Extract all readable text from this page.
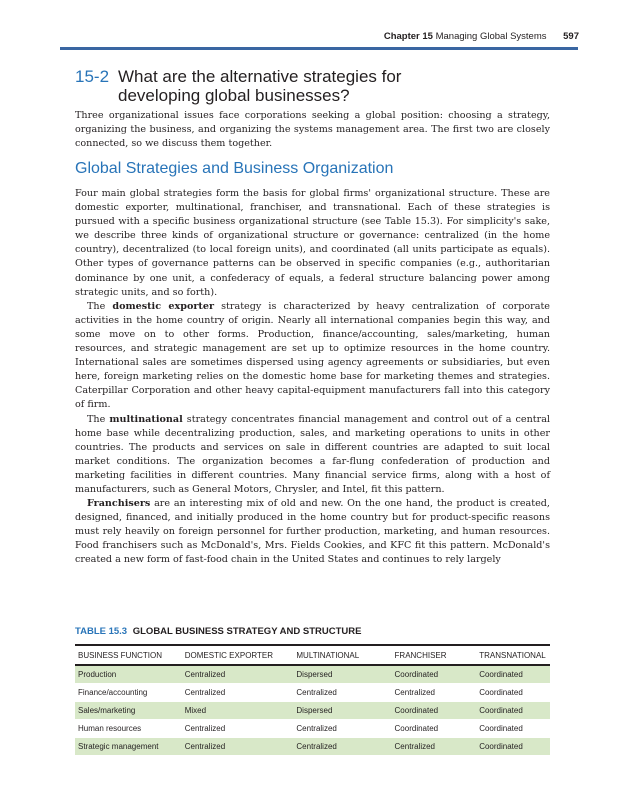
Chapter 15 Managing Global Systems 597
15-2 What are the alternative strategies for developing global businesses?

Three organizational issues face corporations seeking a global position: choosing a strategy, organizing the business, and organizing the systems management area. The first two are closely connected, so we discuss them together.

Global Strategies and Business Organization

Four main global strategies form the basis for global firms' organizational structure. These are domestic exporter, multinational, franchiser, and transnational. Each of these strategies is pursued with a specific business organizational structure (see Table 15.3). For simplicity's sake, we describe three kinds of organizational structure or governance: centralized (in the home country), decentralized (to local foreign units), and coordinated (all units participate as equals). Other types of governance patterns can be observed in specific companies (e.g., authoritarian dominance by one unit, a confederacy of equals, a federal structure balancing power among strategic units, and so forth).

The domestic exporter strategy is characterized by heavy centralization of corporate activities in the home country of origin. Nearly all international companies begin this way, and some move on to other forms. Production, finance/accounting, sales/marketing, human resources, and strategic management are set up to optimize resources in the home country. International sales are sometimes dispersed using agency agreements or subsidiaries, but even here, foreign marketing relies on the domestic home base for marketing themes and strategies. Caterpillar Corporation and other heavy capital-equipment manufacturers fall into this category of firm.

The multinational strategy concentrates financial management and control out of a central home base while decentralizing production, sales, and marketing operations to units in other countries. The products and services on sale in different countries are adapted to suit local market conditions. The organization becomes a far-flung confederation of production and marketing facilities in different countries. Many financial service firms, along with a host of manufacturers, such as General Motors, Chrysler, and Intel, fit this pattern.

Franchisers are an interesting mix of old and new. On the one hand, the product is created, designed, financed, and initially produced in the home country but for product-specific reasons must rely heavily on foreign personnel for further production, marketing, and human resources. Food franchisers such as McDonald's, Mrs. Fields Cookies, and KFC fit this pattern. McDonald's created a new form of fast-food chain in the United States and continues to rely largely

TABLE 15.3 GLOBAL BUSINESS STRATEGY AND STRUCTURE
BUSINESS FUNCTION	DOMESTIC EXPORTER	MULTINATIONAL	FRANCHISER	TRANSNATIONAL
Production	Centralized	Dispersed	Coordinated	Coordinated
Finance/accounting	Centralized	Centralized	Centralized	Coordinated
Sales/marketing	Mixed	Dispersed	Coordinated	Coordinated
Human resources	Centralized	Centralized	Coordinated	Coordinated
Strategic management	Centralized	Centralized	Centralized	Coordinated
